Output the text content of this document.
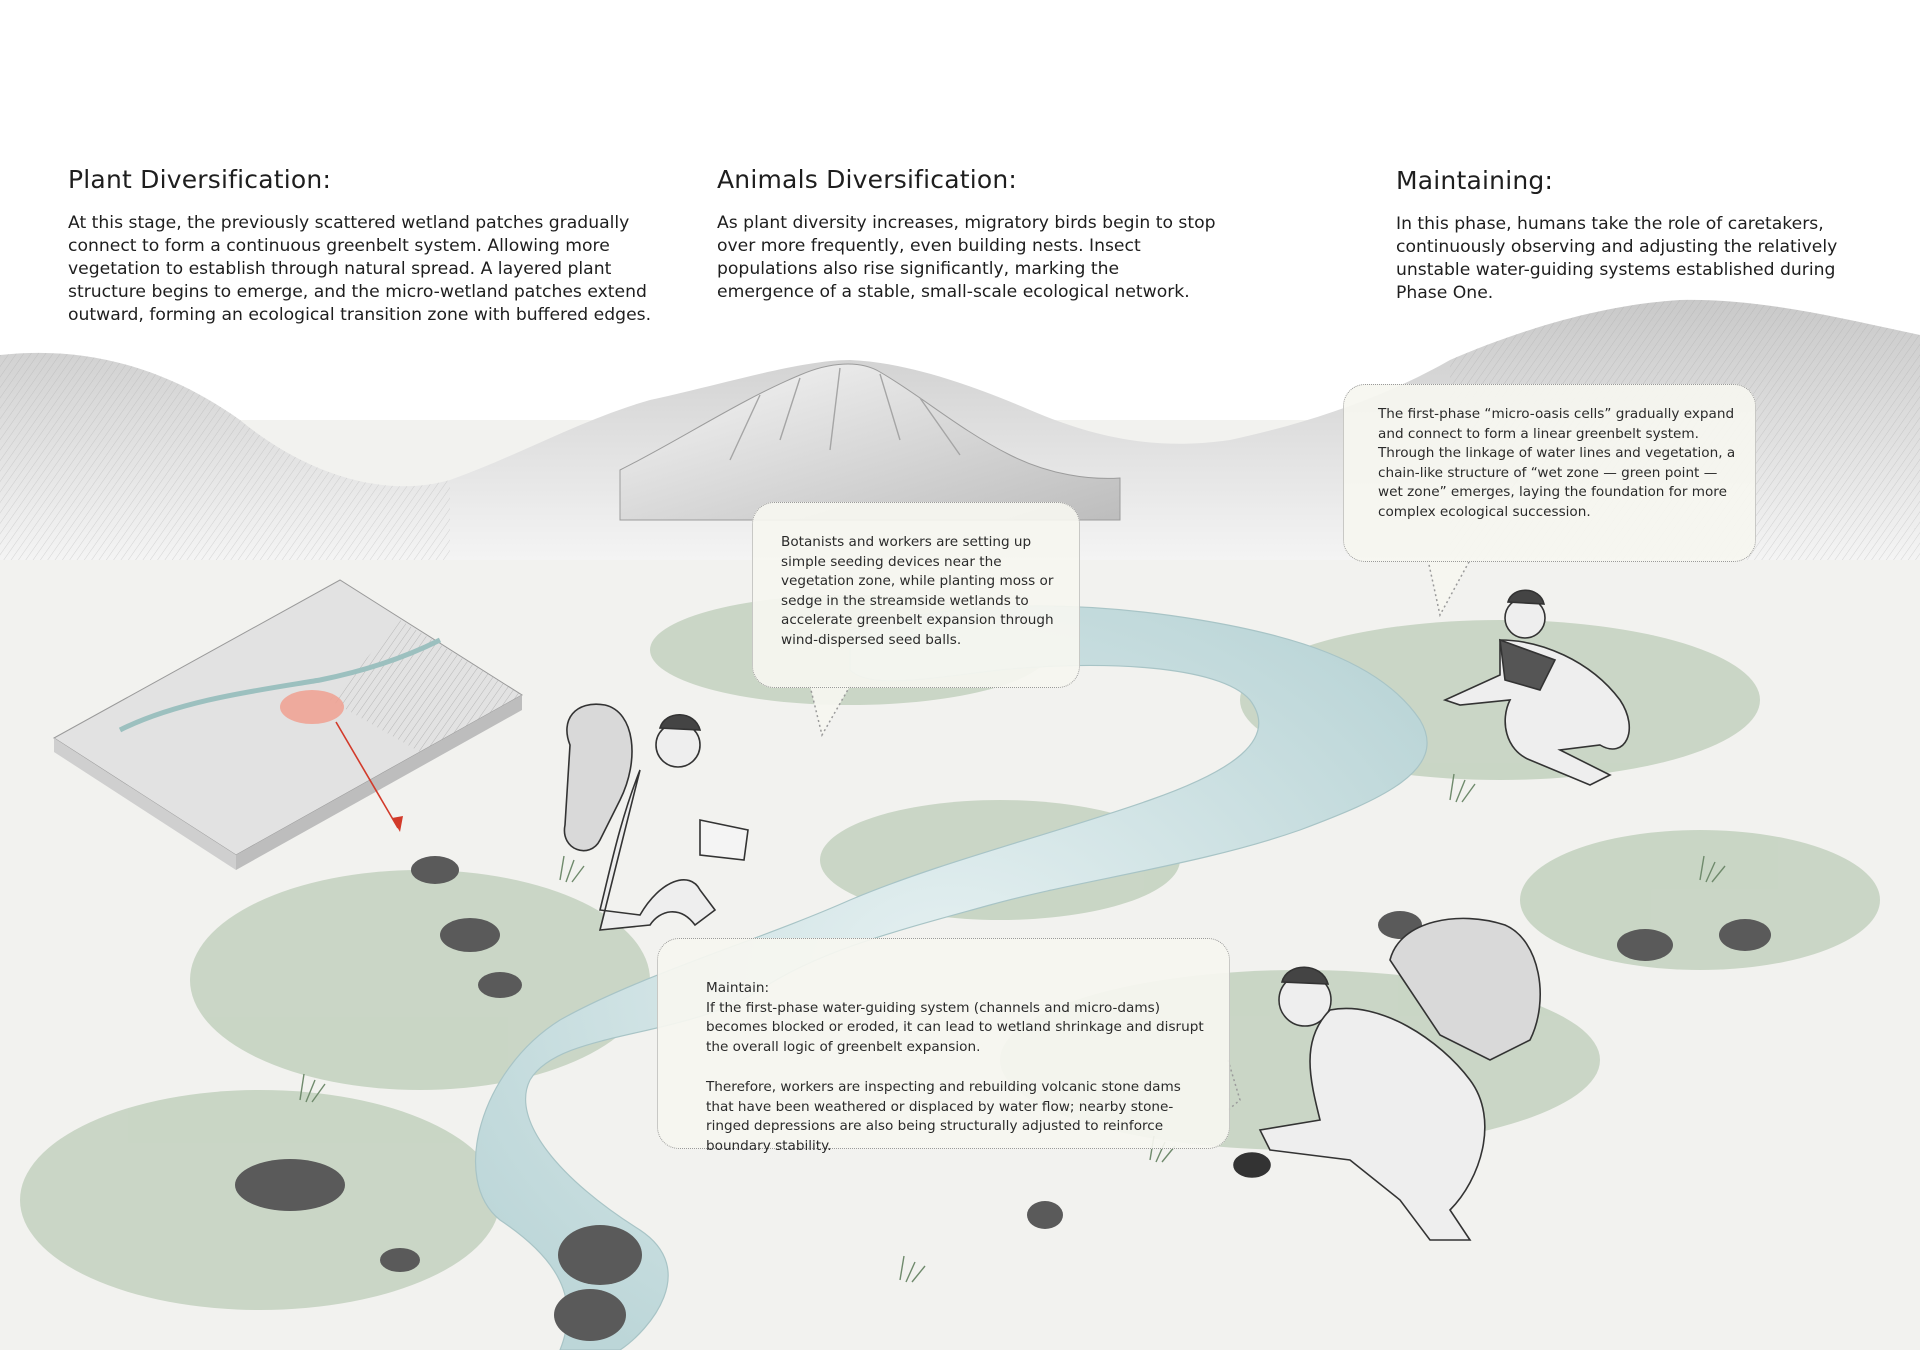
Plant Diversification:

At this stage, the previously scattered wetland patches gradually connect to form a continuous greenbelt system. Allowing more vegetation to establish through natural spread. A layered plant structure begins to emerge, and the micro-wetland patches extend outward, forming an ecological transition zone with buffered edges.

Animals Diversification:

As plant diversity increases, migratory birds begin to stop over more frequently, even building nests. Insect populations also rise significantly, marking the emergence of a stable, small-scale ecological network.

Maintaining:

In this phase, humans take the role of caretakers, continuously observing and adjusting the relatively unstable water-guiding systems established during Phase One.

Botanists and workers are setting up simple seeding devices near the vegetation zone, while planting moss or sedge in the streamside wetlands to accelerate greenbelt expansion through wind-dispersed seed balls.

The first-phase “micro-oasis cells” gradually expand and connect to form a linear greenbelt system. Through the linkage of water lines and vegetation, a chain-like structure of “wet zone — green point — wet zone” emerges, laying the foundation for more complex ecological succession.

Maintain:

If the first-phase water-guiding system (channels and micro-dams) becomes blocked or eroded, it can lead to wetland shrinkage and disrupt the overall logic of greenbelt expansion.

Therefore, workers are inspecting and rebuilding volcanic stone dams that have been weathered or displaced by water flow; nearby stone-ringed depressions are also being structurally adjusted to reinforce boundary stability.
